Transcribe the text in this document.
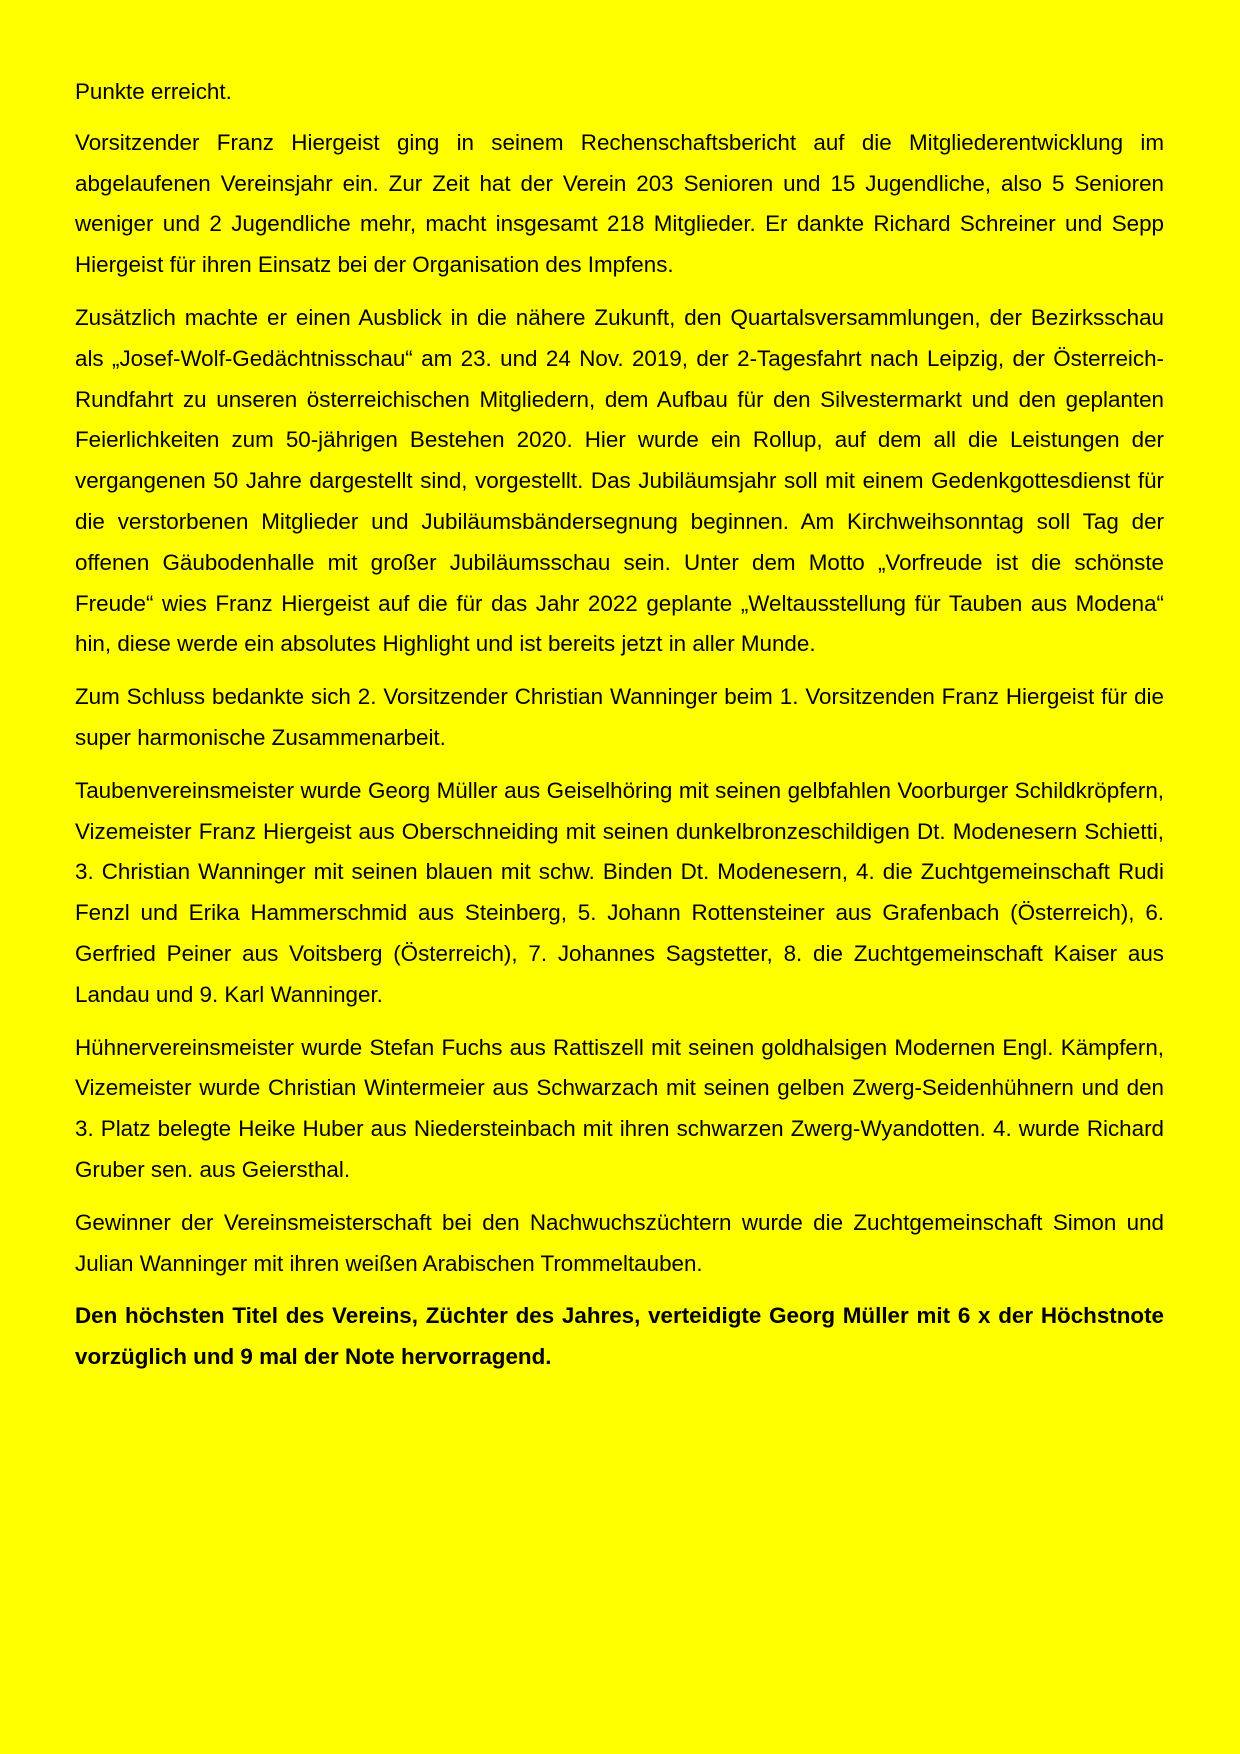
Punkte erreicht.

Vorsitzender Franz Hiergeist ging in seinem Rechenschaftsbericht auf die Mitgliederentwicklung im abgelaufenen Vereinsjahr ein. Zur Zeit hat der Verein 203 Senioren und 15 Jugendliche, also 5 Senioren weniger und 2 Jugendliche mehr, macht insgesamt 218 Mitglieder. Er dankte Richard Schreiner und Sepp Hiergeist für ihren Einsatz bei der Organisation des Impfens.

Zusätzlich machte er einen Ausblick in die nähere Zukunft, den Quartalsversammlungen, der Bezirksschau als „Josef-Wolf-Gedächtnisschau“ am 23. und 24 Nov. 2019, der 2-Tagesfahrt nach Leipzig, der Österreich-Rundfahrt zu unseren österreichischen Mitgliedern, dem Aufbau für den Silvestermarkt und den geplanten Feierlichkeiten zum 50-jährigen Bestehen 2020. Hier wurde ein Rollup, auf dem all die Leistungen der vergangenen 50 Jahre dargestellt sind, vorgestellt. Das Jubiläumsjahr soll mit einem Gedenkgottesdienst für die verstorbenen Mitglieder und Jubiläumsbändersegnung beginnen. Am Kirchweihsonntag soll Tag der offenen Gäubodenhalle mit großer Jubiläumsschau sein. Unter dem Motto „Vorfreude ist die schönste Freude“ wies Franz Hiergeist auf die für das Jahr 2022 geplante „Weltausstellung für Tauben aus Modena“ hin, diese werde ein absolutes Highlight und ist bereits jetzt in aller Munde.

Zum Schluss bedankte sich 2. Vorsitzender Christian Wanninger beim 1. Vorsitzenden Franz Hiergeist für die super harmonische Zusammenarbeit.

Taubenvereinsmeister wurde Georg Müller aus Geiselhöring mit seinen gelbfahlen Voorburger Schildkröpfern, Vizemeister Franz Hiergeist aus Oberschneiding mit seinen dunkelbronzeschildigen Dt. Modenesern Schietti, 3. Christian Wanninger mit seinen blauen mit schw. Binden Dt. Modenesern, 4. die Zuchtgemeinschaft Rudi Fenzl und Erika Hammerschmid aus Steinberg, 5. Johann Rottensteiner aus Grafenbach (Österreich), 6. Gerfried Peiner aus Voitsberg (Österreich), 7. Johannes Sagstetter, 8. die Zuchtgemeinschaft Kaiser aus Landau und 9. Karl Wanninger.

Hühnervereinsmeister wurde Stefan Fuchs aus Rattiszell mit seinen goldhalsigen Modernen Engl. Kämpfern, Vizemeister wurde Christian Wintermeier aus Schwarzach mit seinen gelben Zwerg-Seidenhühnern und den 3. Platz belegte Heike Huber aus Niedersteinbach mit ihren schwarzen Zwerg-Wyandotten. 4. wurde Richard Gruber sen. aus Geiersthal.

Gewinner der Vereinsmeisterschaft bei den Nachwuchszüchtern wurde die Zuchtgemeinschaft Simon und Julian Wanninger mit ihren weißen Arabischen Trommeltauben.

Den höchsten Titel des Vereins, Züchter des Jahres, verteidigte Georg Müller mit 6 x der Höchstnote vorzüglich und 9 mal der Note hervorragend.
